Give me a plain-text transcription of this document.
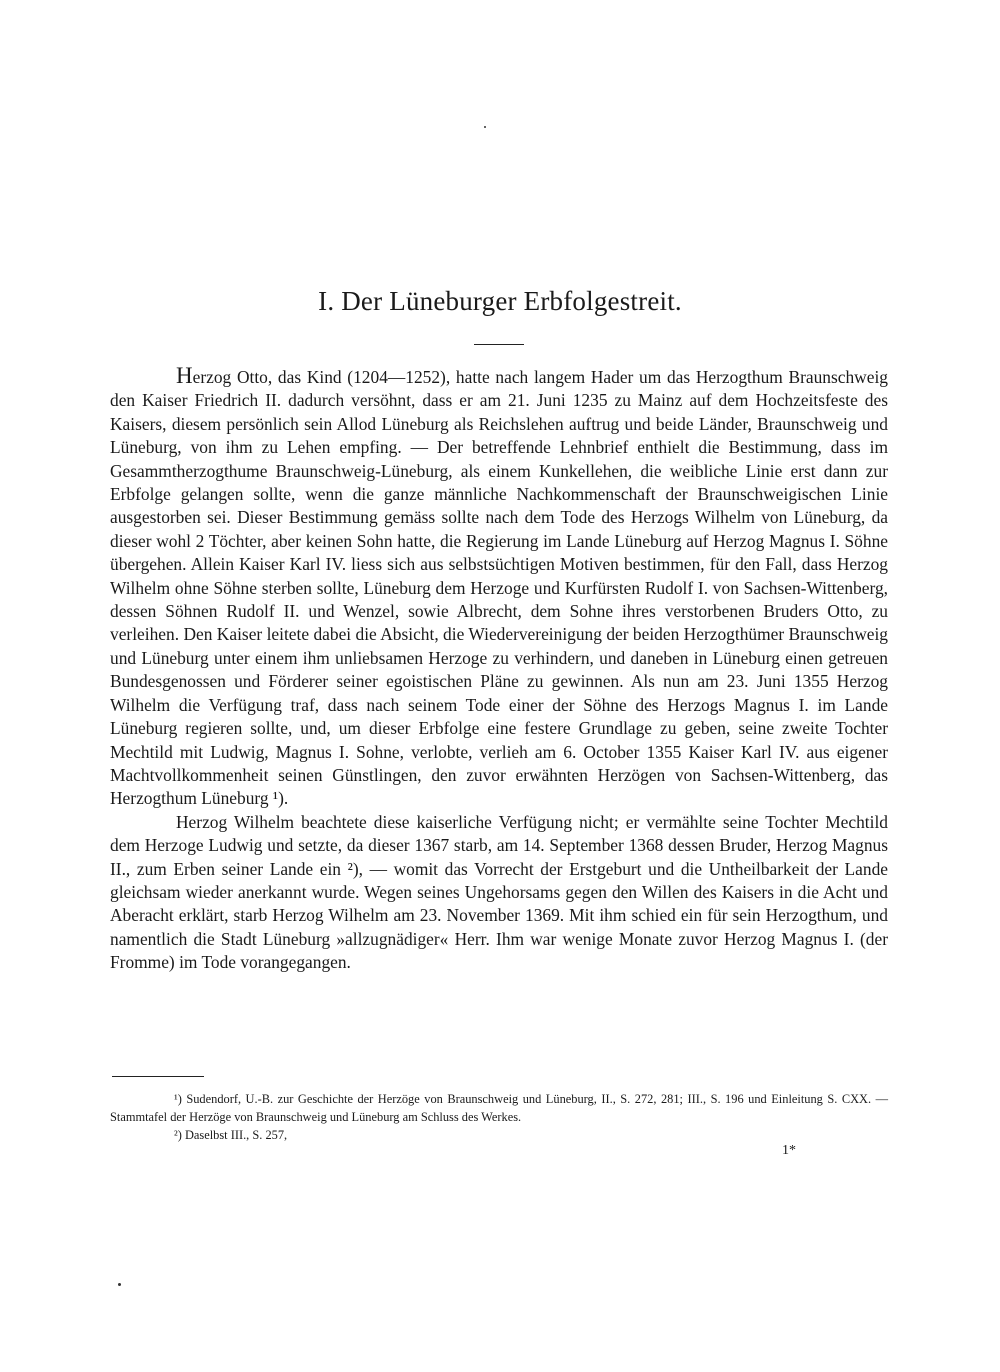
I. Der Lüneburger Erbfolgestreit.

Herzog Otto, das Kind (1204—1252), hatte nach langem Hader um das Herzogthum Braunschweig den Kaiser Friedrich II. dadurch versöhnt, dass er am 21. Juni 1235 zu Mainz auf dem Hochzeitsfeste des Kaisers, diesem persönlich sein Allod Lüneburg als Reichslehen auftrug und beide Länder, Braunschweig und Lüneburg, von ihm zu Lehen empfing. — Der betreffende Lehnbrief enthielt die Bestimmung, dass im Gesammtherzogthume Braunschweig-Lüneburg, als einem Kunkellehen, die weibliche Linie erst dann zur Erbfolge gelangen sollte, wenn die ganze männliche Nachkommenschaft der Braunschweigischen Linie ausgestorben sei. Dieser Bestimmung gemäss sollte nach dem Tode des Herzogs Wilhelm von Lüneburg, da dieser wohl 2 Töchter, aber keinen Sohn hatte, die Regierung im Lande Lüneburg auf Herzog Magnus I. Söhne übergehen. Allein Kaiser Karl IV. liess sich aus selbstsüchtigen Motiven bestimmen, für den Fall, dass Herzog Wilhelm ohne Söhne sterben sollte, Lüneburg dem Herzoge und Kurfürsten Rudolf I. von Sachsen-Wittenberg, dessen Söhnen Rudolf II. und Wenzel, sowie Albrecht, dem Sohne ihres verstorbenen Bruders Otto, zu verleihen. Den Kaiser leitete dabei die Absicht, die Wiedervereinigung der beiden Herzogthümer Braunschweig und Lüneburg unter einem ihm unliebsamen Herzoge zu verhindern, und daneben in Lüneburg einen getreuen Bundesgenossen und Förderer seiner egoistischen Pläne zu gewinnen. Als nun am 23. Juni 1355 Herzog Wilhelm die Verfügung traf, dass nach seinem Tode einer der Söhne des Herzogs Magnus I. im Lande Lüneburg regieren sollte, und, um dieser Erbfolge eine festere Grundlage zu geben, seine zweite Tochter Mechtild mit Ludwig, Magnus I. Sohne, verlobte, verlieh am 6. October 1355 Kaiser Karl IV. aus eigener Machtvollkommenheit seinen Günstlingen, den zuvor erwähnten Herzögen von Sachsen-Wittenberg, das Herzogthum Lüneburg ¹).

Herzog Wilhelm beachtete diese kaiserliche Verfügung nicht; er vermählte seine Tochter Mechtild dem Herzoge Ludwig und setzte, da dieser 1367 starb, am 14. September 1368 dessen Bruder, Herzog Magnus II., zum Erben seiner Lande ein ²), — womit das Vorrecht der Erstgeburt und die Untheilbarkeit der Lande gleichsam wieder anerkannt wurde. Wegen seines Ungehorsams gegen den Willen des Kaisers in die Acht und Aberacht erklärt, starb Herzog Wilhelm am 23. November 1369. Mit ihm schied ein für sein Herzogthum, und namentlich die Stadt Lüneburg »allzugnädiger« Herr. Ihm war wenige Monate zuvor Herzog Magnus I. (der Fromme) im Tode vorangegangen.

¹) Sudendorf, U.-B. zur Geschichte der Herzöge von Braunschweig und Lüneburg, II., S. 272, 281; III., S. 196 und Einleitung S. CXX. — Stammtafel der Herzöge von Braunschweig und Lüneburg am Schluss des Werkes.

²) Daselbst III., S. 257,

1*
